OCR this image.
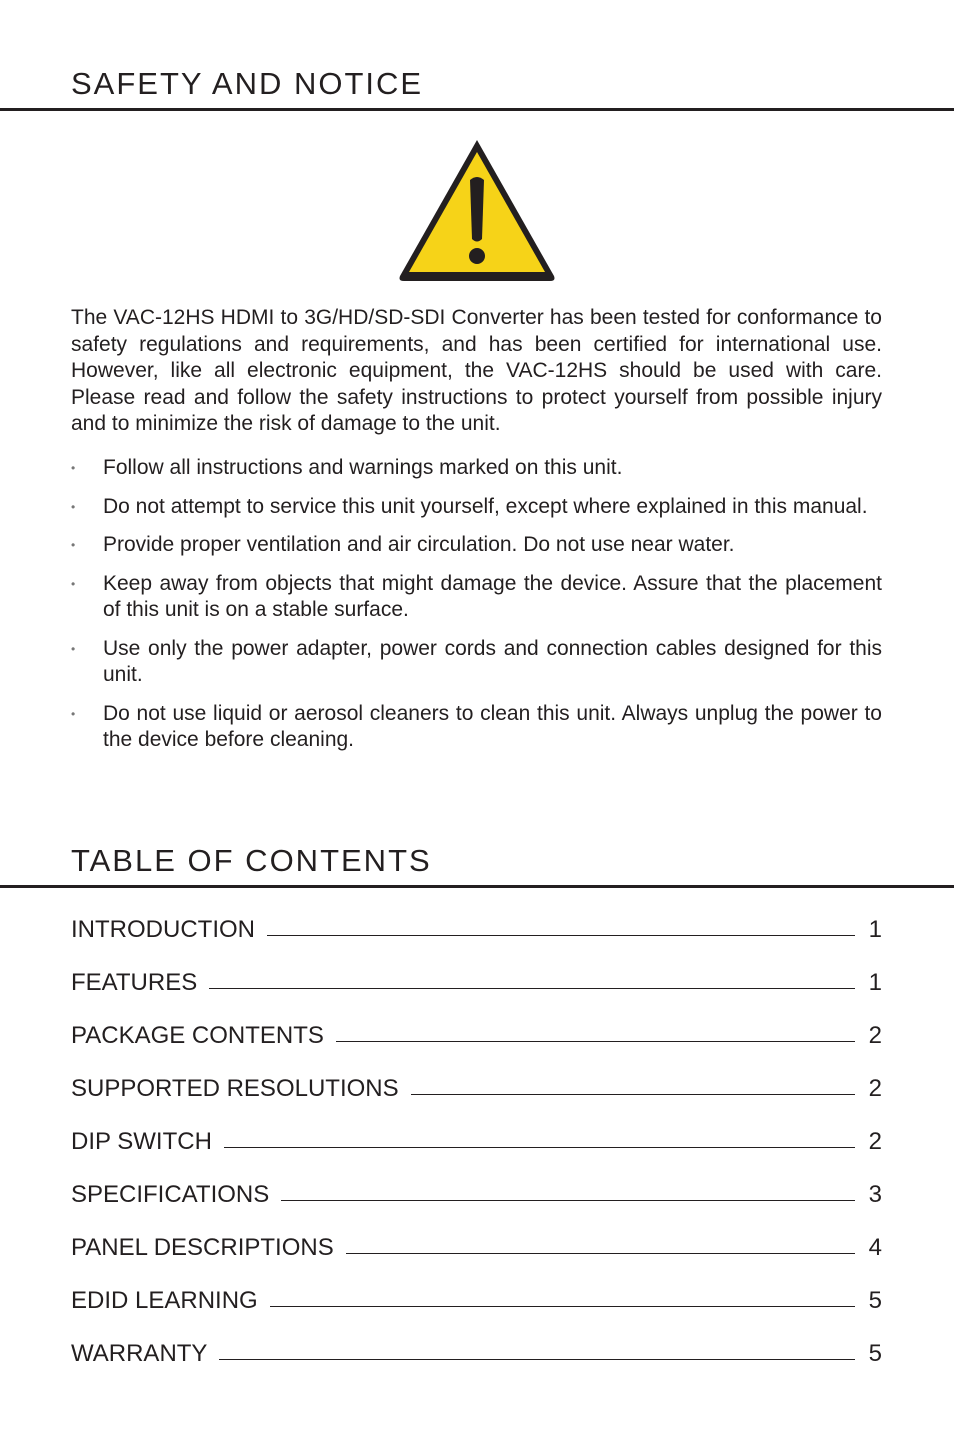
SAFETY AND NOTICE

The VAC-12HS HDMI to 3G/HD/SD-SDI Converter has been tested for conformance to safety regulations and requirements, and has been certified for international use. However, like all electronic equipment, the VAC-12HS should be used with care. Please read and follow the safety instructions to protect yourself from possible injury and to minimize the risk of damage to the unit.

• Follow all instructions and warnings marked on this unit.
• Do not attempt to service this unit yourself, except where explained in this manual.
• Provide proper ventilation and air circulation. Do not use near water.
• Keep away from objects that might damage the device. Assure that the placement of this unit is on a stable surface.
• Use only the power adapter, power cords and connection cables designed for this unit.
• Do not use liquid or aerosol cleaners to clean this unit. Always unplug the power to the device before cleaning.
TABLE OF CONTENTS
INTRODUCTION	1
FEATURES	1
PACKAGE CONTENTS	2
SUPPORTED RESOLUTIONS	2
DIP SWITCH	2
SPECIFICATIONS	3
PANEL DESCRIPTIONS	4
EDID LEARNING	5
WARRANTY	5
